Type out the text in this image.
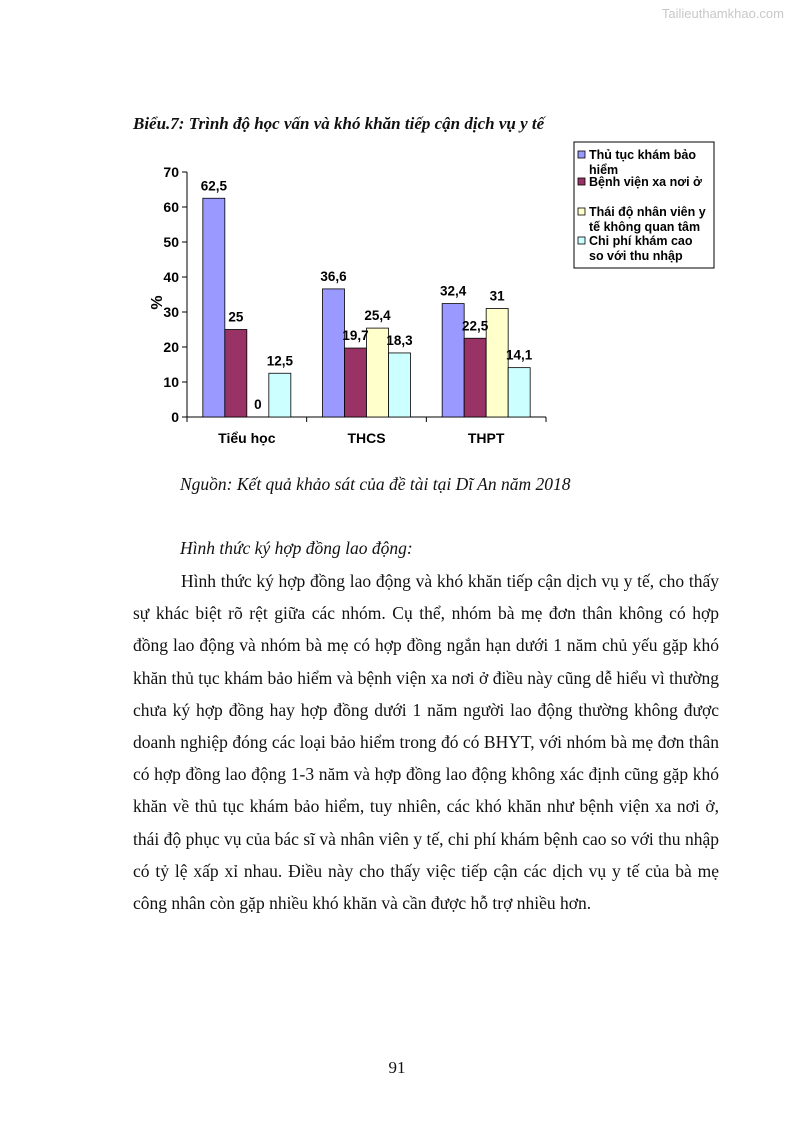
Tailieuthamkhao.com
Biểu.7: Trình độ học vấn và khó khăn tiếp cận dịch vụ y tế
0
10
20
30
40
50
60
70
%
Tiểu học
62,5
25
0
12,5
THCS
36,6
19,7
25,4
18,3
THPT
32,4
22,5
31
14,1
Thủ tục khám bảo
hiểm
Bệnh viện xa nơi ở
Thái độ nhân viên y
tế không quan tâm
Chi phí khám cao
so với thu nhập
Nguồn: Kết quả khảo sát của đề tài tại Dĩ An năm 2018
Hình thức ký hợp đồng lao động:

Hình thức ký hợp đồng lao động và khó khăn tiếp cận dịch vụ y tế, cho thấy sự khác biệt rõ rệt giữa các nhóm. Cụ thể, nhóm bà mẹ đơn thân không có hợp đồng lao động và nhóm bà mẹ có hợp đồng ngắn hạn dưới 1 năm chủ yếu gặp khó khăn thủ tục khám bảo hiểm và bệnh viện xa nơi ở điều này cũng dễ hiểu vì thường chưa ký hợp đồng hay hợp đồng dưới 1 năm người lao động thường không được doanh nghiệp đóng các loại bảo hiểm trong đó có BHYT, với nhóm bà mẹ đơn thân có hợp đồng lao động 1-3 năm và hợp đồng lao động không xác định cũng gặp khó khăn về thủ tục khám bảo hiểm, tuy nhiên, các khó khăn như bệnh viện xa nơi ở, thái độ phục vụ của bác sĩ và nhân viên y tế, chi phí khám bệnh cao so với thu nhập có tỷ lệ xấp xỉ nhau. Điều này cho thấy việc tiếp cận các dịch vụ y tế của bà mẹ công nhân còn gặp nhiều khó khăn và cần được hỗ trợ nhiều hơn.

91
